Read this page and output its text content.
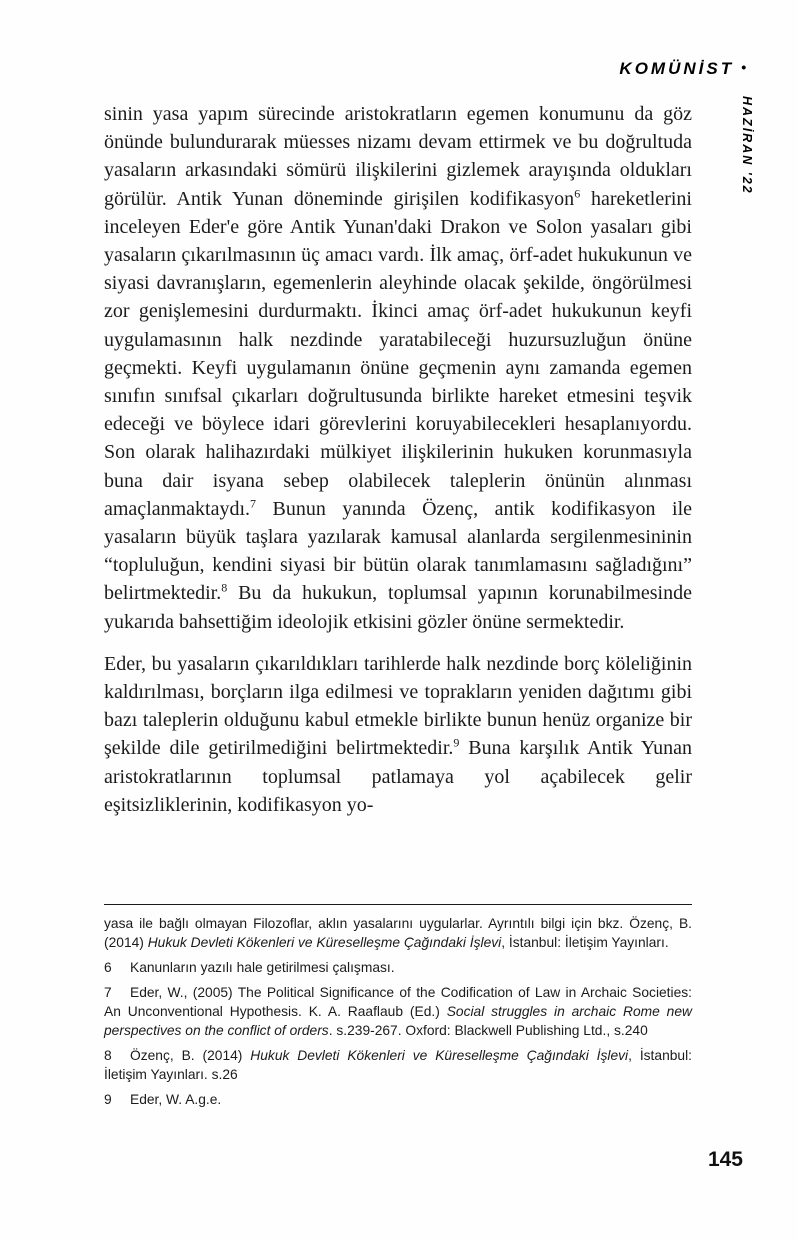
KOMÜNİST •
HAZİRAN '22

sinin yasa yapım sürecinde aristokratların egemen konumunu da göz önünde bulundurarak müesses nizamı devam ettirmek ve bu doğrultuda yasaların arkasındaki sömürü ilişkilerini gizlemek arayışında oldukları görülür. Antik Yunan döneminde girişilen kodifikasyon$^6$ hareketlerini inceleyen Eder'e göre Antik Yunan'daki Drakon ve Solon yasaları gibi yasaların çıkarılmasının üç amacı vardı. İlk amaç, örf-adet hukukunun ve siyasi davranışların, egemenlerin aleyhinde olacak şekilde, öngörülmesi zor genişlemesini durdurmaktı. İkinci amaç örf-adet hukukunun keyfi uygulamasının halk nezdinde yaratabileceği huzursuzluğun önüne geçmekti. Keyfi uygulamanın önüne geçmenin aynı zamanda egemen sınıfın sınıfsal çıkarları doğrultusunda birlikte hareket etmesini teşvik edeceği ve böylece idari görevlerini koruyabilecekleri hesaplanıyordu. Son olarak halihazırdaki mülkiyet ilişkilerinin hukuken korunmasıyla buna dair isyana sebep olabilecek taleplerin önünün alınması amaçlanmaktaydı.$^7$ Bunun yanında Özenç, antik kodifikasyon ile yasaların büyük taşlara yazılarak kamusal alanlarda sergilenmesininin “topluluğun, kendini siyasi bir bütün olarak tanımlamasını sağladığını” belirtmektedir.$^8$ Bu da hukukun, toplumsal yapının korunabilmesinde yukarıda bahsettiğim ideolojik etkisini gözler önüne sermektedir.

Eder, bu yasaların çıkarıldıkları tarihlerde halk nezdinde borç köleliğinin kaldırılması, borçların ilga edilmesi ve toprakların yeniden dağıtımı gibi bazı taleplerin olduğunu kabul etmekle birlikte bunun henüz organize bir şekilde dile getirilmediğini belirtmektedir.$^9$ Buna karşılık Antik Yunan aristokratlarının toplumsal patlamaya yol açabilecek gelir eşitsizliklerinin, kodifikasyon yo-

yasa ile bağlı olmayan Filozoflar, aklın yasalarını uygularlar. Ayrıntılı bilgi için bkz. Özenç, B. (2014) Hukuk Devleti Kökenleri ve Küreselleşme Çağındaki İşlevi, İstanbul: İletişim Yayınları.
6 Kanunların yazılı hale getirilmesi çalışması.
7 Eder, W., (2005) The Political Significance of the Codification of Law in Archaic Societies: An Unconventional Hypothesis. K. A. Raaflaub (Ed.) Social struggles in archaic Rome new perspectives on the conflict of orders. s.239-267. Oxford: Blackwell Publishing Ltd., s.240
8 Özenç, B. (2014) Hukuk Devleti Kökenleri ve Küreselleşme Çağındaki İşlevi, İstanbul: İletişim Yayınları. s.26
9 Eder, W. A.g.e.
145
